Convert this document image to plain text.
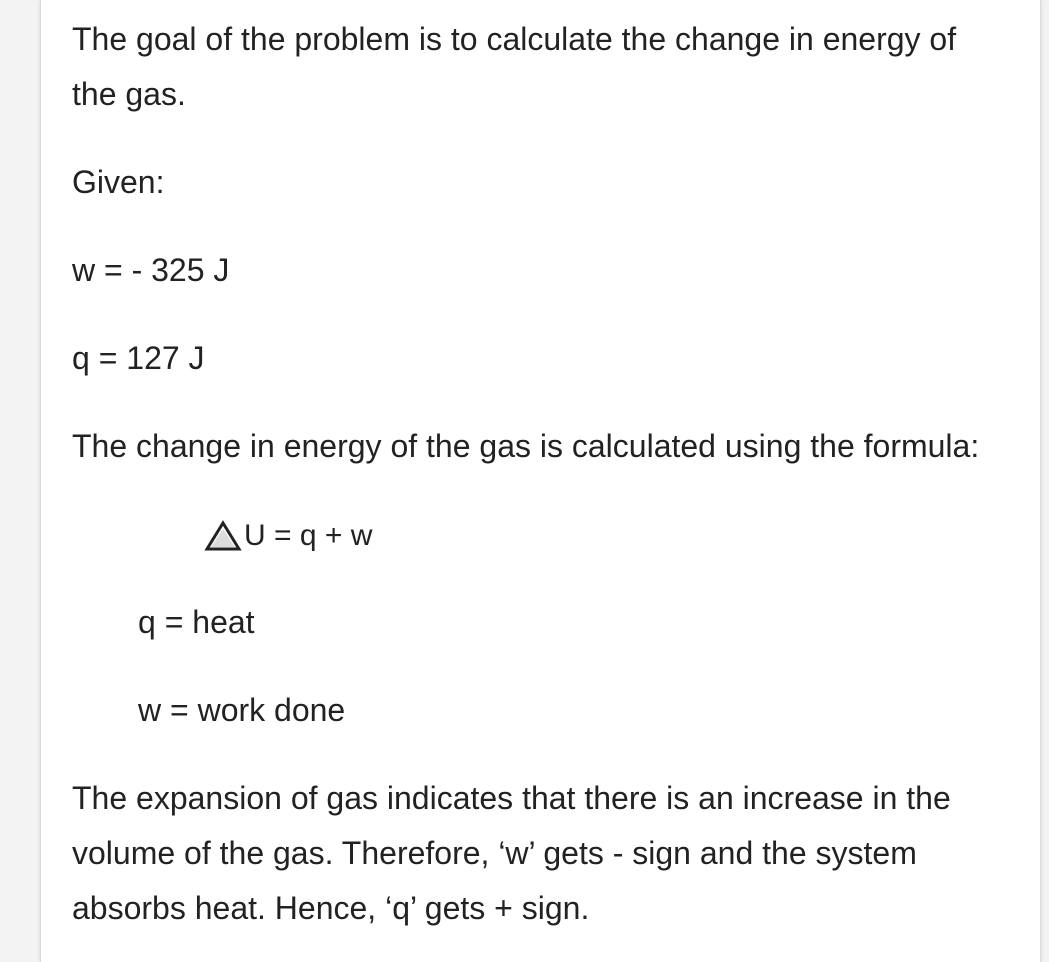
The goal of the problem is to calculate the change in energy of
the gas.
Given:
w = - 325 J
q = 127 J
The change in energy of the gas is calculated using the formula:
U = q + w
q = heat
w = work done
The expansion of gas indicates that there is an increase in the
volume of the gas. Therefore, ‘w’ gets - sign and the system
absorbs heat. Hence, ‘q’ gets + sign.
